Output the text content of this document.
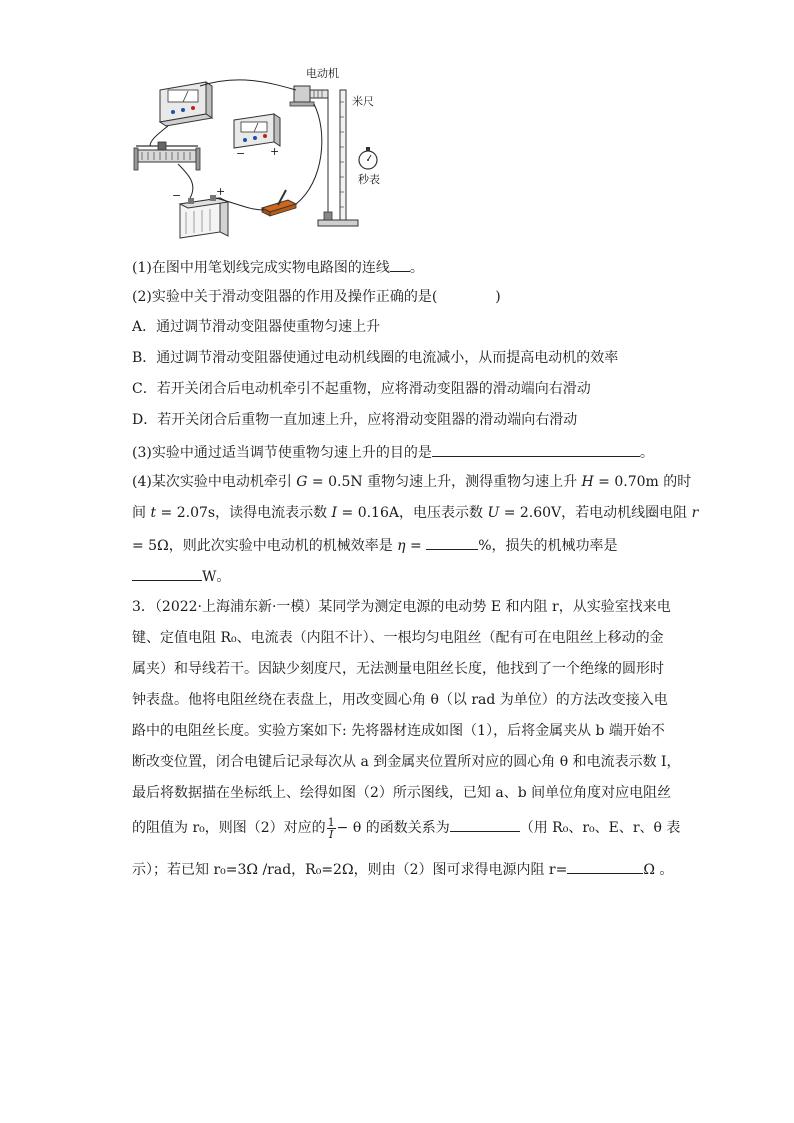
电动机
米尺
秒表
−	+
− +
(1)在图中用笔划线完成实物电路图的连线 。
(2)实验中关于滑动变阻器的作用及操作正确的是(	)
A．通过调节滑动变阻器使重物匀速上升
B．通过调节滑动变阻器使通过电动机线圈的电流减小，从而提高电动机的效率
C．若开关闭合后电动机牵引不起重物，应将滑动变阻器的滑动端向右滑动
D．若开关闭合后重物一直加速上升，应将滑动变阻器的滑动端向右滑动
(3)实验中通过适当调节使重物匀速上升的目的是	。
(4)某次实验中电动机牵引 G = 0.5N 重物匀速上升，测得重物匀速上升 H = 0.70m 的时
间 t = 2.07s，读得电流表示数 I = 0.16A，电压表示数 U = 2.60V，若电动机线圈电阻 r
= 5Ω，则此次实验中电动机的机械效率是 η =	%，损失的机械功率是
W。
3．（2022·上海浦东新·一模）某同学为测定电源的电动势 E 和内阻 r，从实验室找来电
键、定值电阻 R₀、电流表（内阻不计）、一根均匀电阻丝（配有可在电阻丝上移动的金
属夹）和导线若干。因缺少刻度尺，无法测量电阻丝长度，他找到了一个绝缘的圆形时
钟表盘。他将电阻丝绕在表盘上，用改变圆心角 θ（以 rad 为单位）的方法改变接入电
路中的电阻丝长度。实验方案如下: 先将器材连成如图（1），后将金属夹从 b 端开始不
断改变位置，闭合电键后记录每次从 a 到金属夹位置所对应的圆心角 θ 和电流表示数 I，
最后将数据描在坐标纸上、绘得如图（2）所示图线，已知 a、b 间单位角度对应电阻丝
的阻值为 r₀，则图（2）对应的 $\frac{1}{I} - \theta$ 的函数关系为	（用 R₀、r₀、E、r、θ 表
示）；若已知 r₀=3Ω /rad，R₀=2Ω，则由（2）图可求得电源内阻 r=	Ω 。
